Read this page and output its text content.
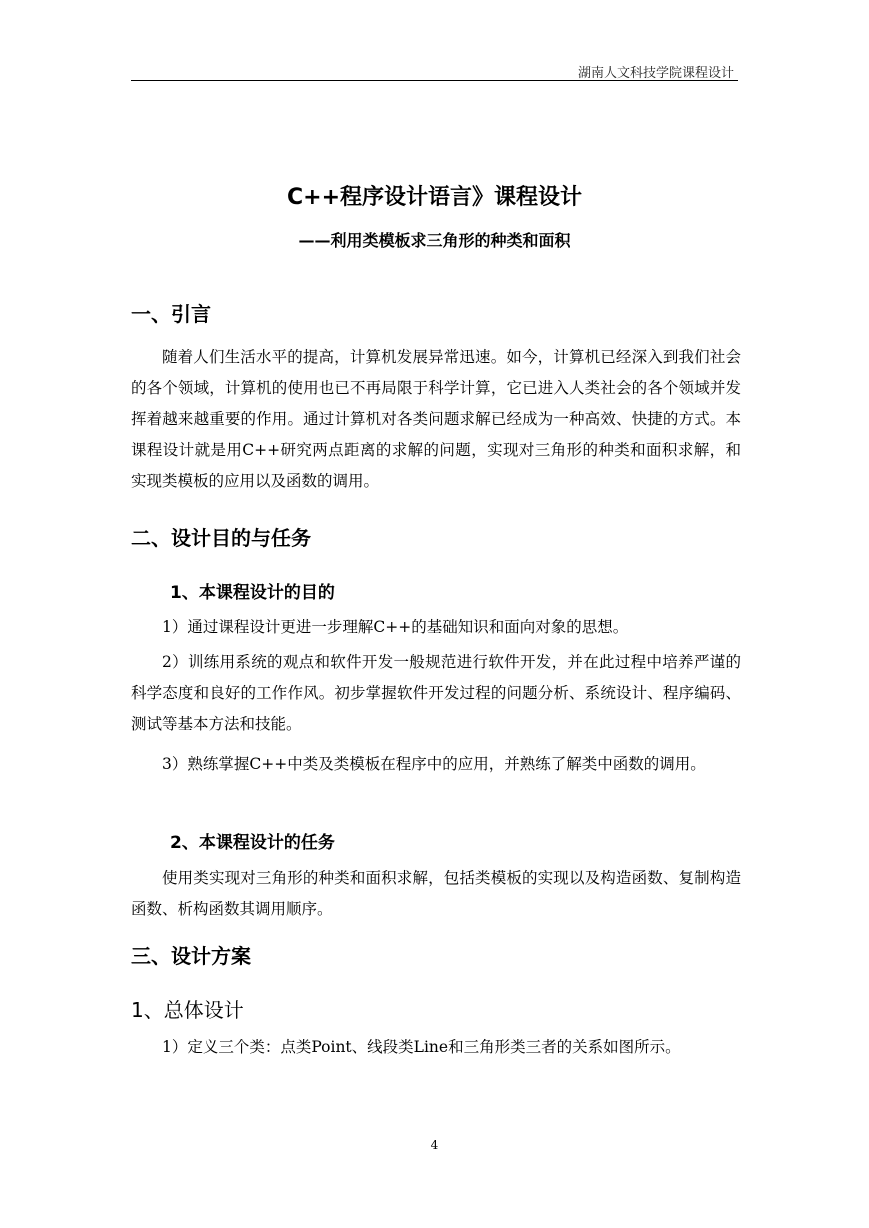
湖南人文科技学院课程设计
C++程序设计语言》课程设计
——利用类模板求三角形的种类和面积
一、引言

随着人们生活水平的提高，计算机发展异常迅速。如今，计算机已经深入到我们社会的各个领域，计算机的使用也已不再局限于科学计算，它已进入人类社会的各个领域并发挥着越来越重要的作用。通过计算机对各类问题求解已经成为一种高效、快捷的方式。本课程设计就是用C++研究两点距离的求解的问题，实现对三角形的种类和面积求解，和实现类模板的应用以及函数的调用。

二、设计目的与任务
1、本课程设计的目的

1）通过课程设计更进一步理解C++的基础知识和面向对象的思想。

2）训练用系统的观点和软件开发一般规范进行软件开发，并在此过程中培养严谨的科学态度和良好的工作作风。初步掌握软件开发过程的问题分析、系统设计、程序编码、测试等基本方法和技能。

3）熟练掌握C++中类及类模板在程序中的应用，并熟练了解类中函数的调用。

2、本课程设计的任务

使用类实现对三角形的种类和面积求解，包括类模板的实现以及构造函数、复制构造函数、析构函数其调用顺序。

三、设计方案
1、总体设计

1）定义三个类：点类Point、线段类Line和三角形类三者的关系如图所示。

4
